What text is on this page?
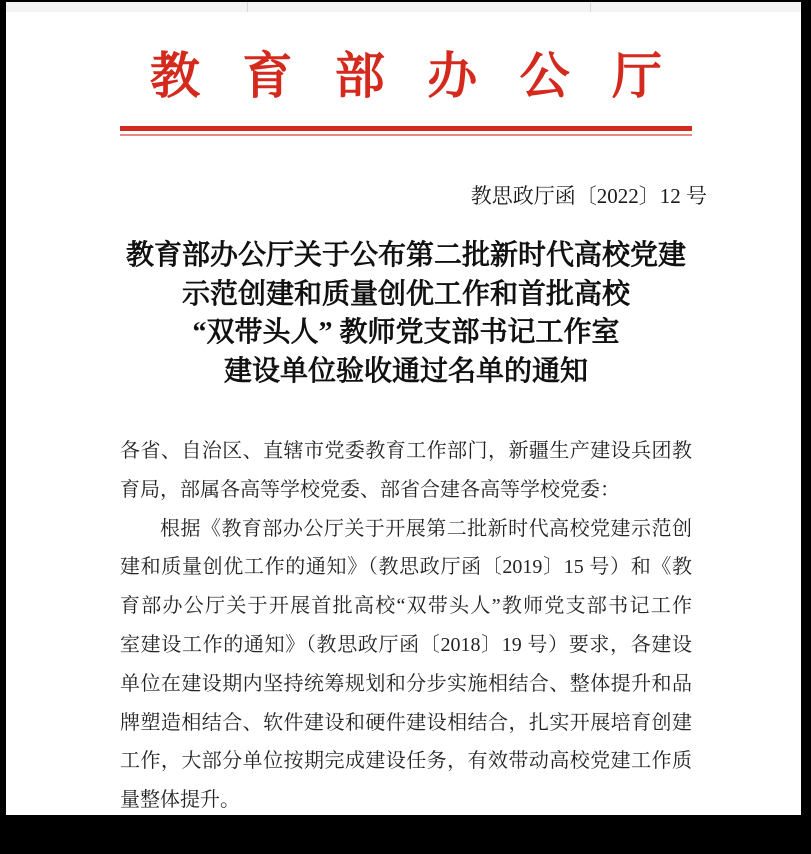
教育部办公厅
教思政厅函〔2022〕12 号
教育部办公厅关于公布第二批新时代高校党建
示范创建和质量创优工作和首批高校
“双带头人” 教师党支部书记工作室
建设单位验收通过名单的通知
各省、自治区、直辖市党委教育工作部门，新疆生产建设兵团教
育局，部属各高等学校党委、部省合建各高等学校党委：
根据《教育部办公厅关于开展第二批新时代高校党建示范创
建和质量创优工作的通知》（教思政厅函〔2019〕15 号）和《教
育部办公厅关于开展首批高校“双带头人”教师党支部书记工作
室建设工作的通知》（教思政厅函〔2018〕19 号）要求，各建设
单位在建设期内坚持统筹规划和分步实施相结合、整体提升和品
牌塑造相结合、软件建设和硬件建设相结合，扎实开展培育创建
工作，大部分单位按期完成建设任务，有效带动高校党建工作质
量整体提升。
